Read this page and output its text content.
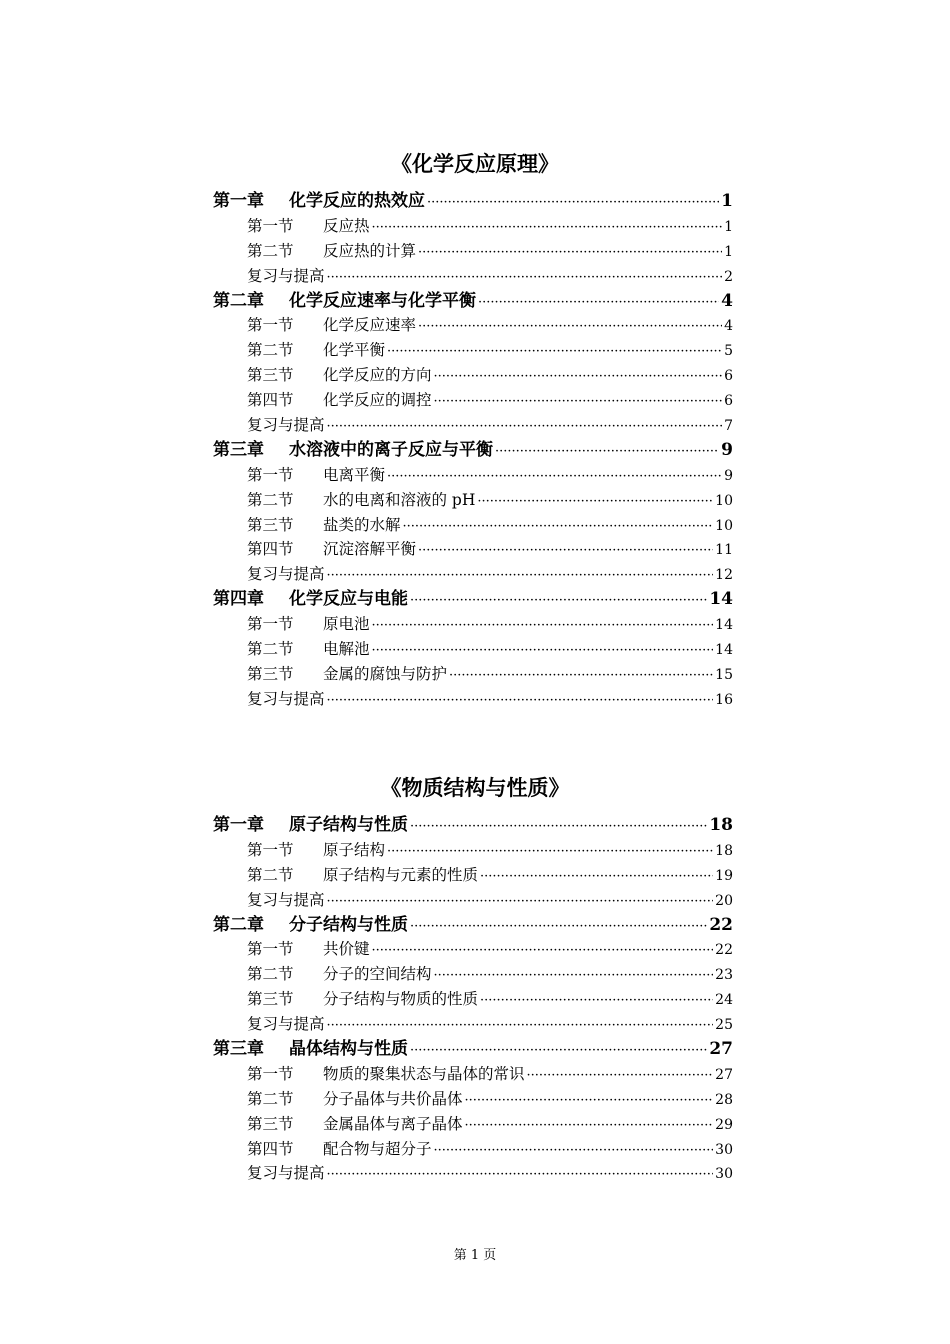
《化学反应原理》
第一章	化学反应的热效应 ·····	1
第一节	反应热 ·····	1
第二节	反应热的计算 ·····	1
复习与提高 ·····	2
第二章	化学反应速率与化学平衡 ·····	4
第一节	化学反应速率 ·····	4
第二节	化学平衡 ·····	5
第三节	化学反应的方向 ·····	6
第四节	化学反应的调控 ·····	6
复习与提高 ·····	7
第三章	水溶液中的离子反应与平衡 ·····	9
第一节	电离平衡 ·····	9
第二节	水的电离和溶液的 pH ·····	10
第三节	盐类的水解 ·····	10
第四节	沉淀溶解平衡 ·····	11
复习与提高 ·····	12
第四章	化学反应与电能 ·····	14
第一节	原电池 ·····	14
第二节	电解池 ·····	14
第三节	金属的腐蚀与防护 ·····	15
复习与提高 ·····	16
《物质结构与性质》
第一章	原子结构与性质 ·····	18
第一节	原子结构 ·····	18
第二节	原子结构与元素的性质 ·····	19
复习与提高 ·····	20
第二章	分子结构与性质 ·····	22
第一节	共价键 ·····	22
第二节	分子的空间结构 ·····	23
第三节	分子结构与物质的性质 ·····	24
复习与提高 ·····	25
第三章	晶体结构与性质 ·····	27
第一节	物质的聚集状态与晶体的常识 ·····	27
第二节	分子晶体与共价晶体 ·····	28
第三节	金属晶体与离子晶体 ·····	29
第四节	配合物与超分子 ·····	30
复习与提高 ·····	30
第 1 页
